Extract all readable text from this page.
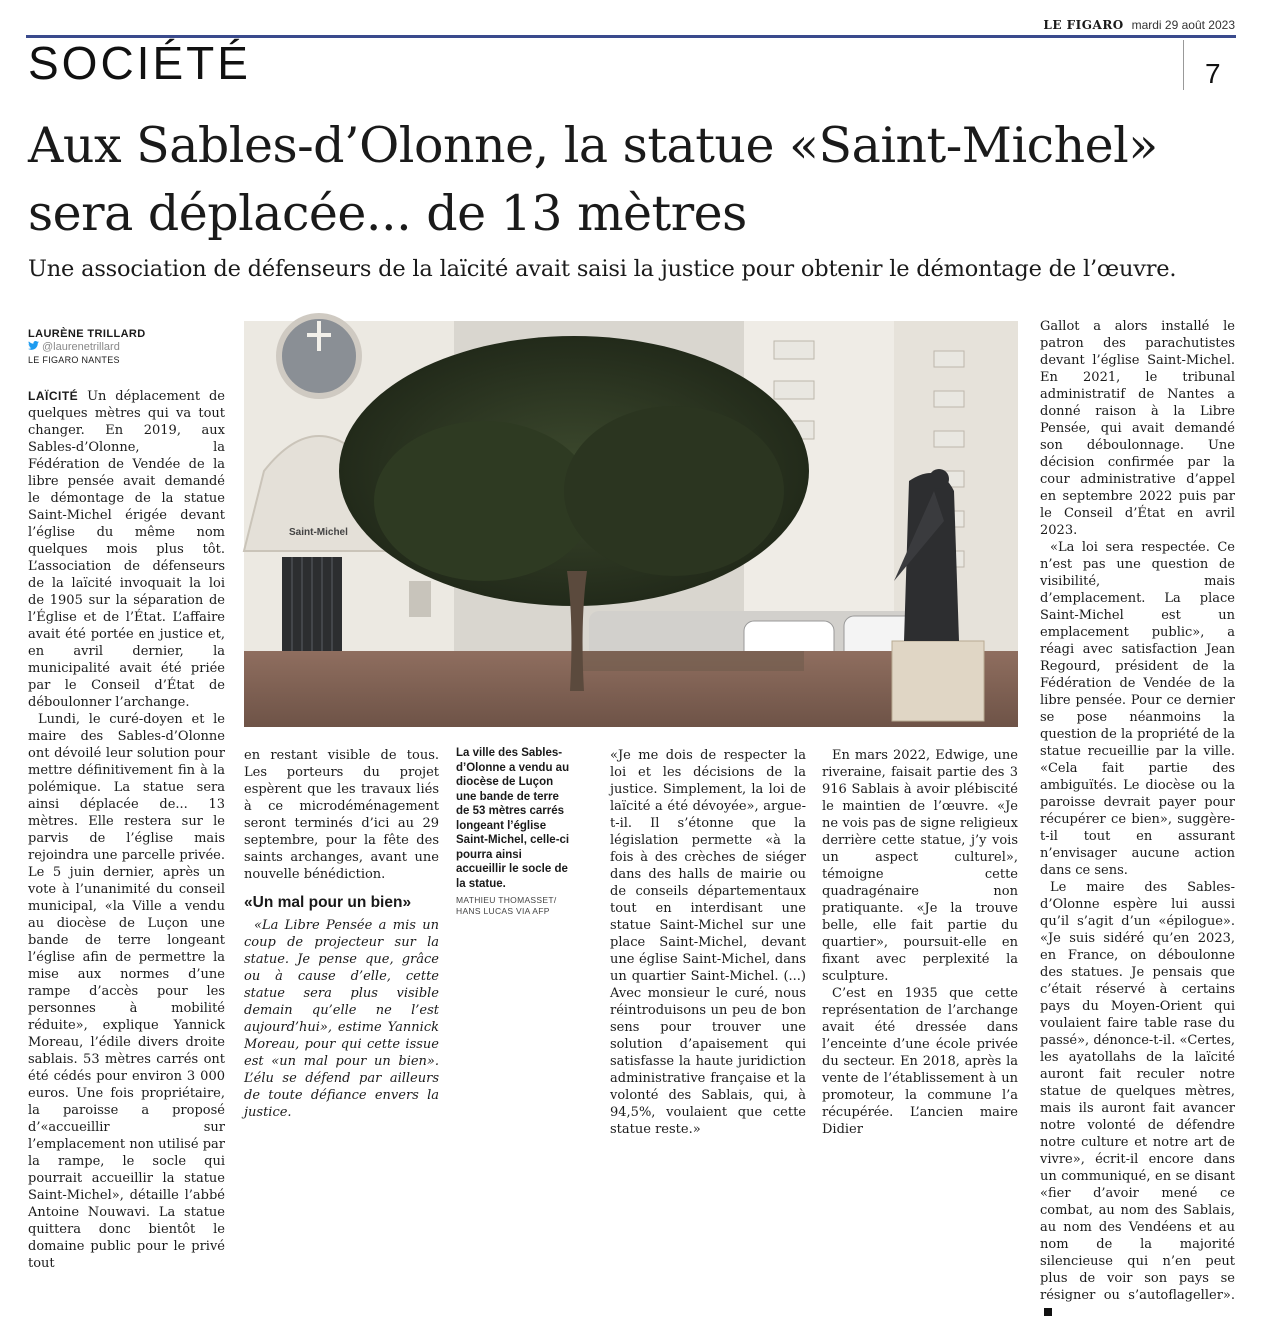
LE FIGARO mardi 29 août 2023
SOCIÉTÉ	7
Aux Sables-d’Olonne, la statue «Saint-Michel» sera déplacée... de 13 mètres
Une association de défenseurs de la laïcité avait saisi la justice pour obtenir le démontage de l’œuvre.
LAURÈNE TRILLARD
@laurenetrillard
LE FIGARO NANTES

LAÏCITÉ Un déplacement de quelques mètres qui va tout changer. En 2019, aux Sables-d’Olonne, la Fédération de Vendée de la libre pensée avait demandé le démontage de la statue Saint-Michel érigée devant l’église du même nom quelques mois plus tôt. L’association de défenseurs de la laïcité invoquait la loi de 1905 sur la séparation de l’Église et de l’État. L’affaire avait été portée en justice et, en avril dernier, la municipalité avait été priée par le Conseil d’État de déboulonner l’archange.

Lundi, le curé-doyen et le maire des Sables-d’Olonne ont dévoilé leur solution pour mettre définitivement fin à la polémique. La statue sera ainsi déplacée de... 13 mètres. Elle restera sur le parvis de l’église mais rejoindra une parcelle privée. Le 5 juin dernier, après un vote à l’unanimité du conseil municipal, «la Ville a vendu au diocèse de Luçon une bande de terre longeant l’église afin de permettre la mise aux normes d’une rampe d’accès pour les personnes à mobilité réduite», explique Yannick Moreau, l’édile divers droite sablais. 53 mètres carrés ont été cédés pour environ 3 000 euros. Une fois propriétaire, la paroisse a proposé d’«accueillir sur l’emplacement non utilisé par la rampe, le socle qui pourrait accueillir la statue Saint-Michel», détaille l’abbé Antoine Nouwavi. La statue quittera donc bientôt le domaine public pour le privé tout

Saint-Michel

en restant visible de tous. Les porteurs du projet espèrent que les travaux liés à ce microdéménagement seront terminés d’ici au 29 septembre, pour la fête des saints archanges, avant une nouvelle bénédiction.

«Un mal pour un bien»

«La Libre Pensée a mis un coup de projecteur sur la statue. Je pense que, grâce ou à cause d’elle, cette statue sera plus visible demain qu’elle ne l’est aujourd’hui», estime Yannick Moreau, pour qui cette issue est «un mal pour un bien». L’élu se défend par ailleurs de toute défiance envers la justice.

La ville des Sables-d’Olonne a vendu au diocèse de Luçon une bande de terre de 53 mètres carrés longeant l’église Saint-Michel, celle-ci pourra ainsi accueillir le socle de la statue.
MATHIEU THOMASSET/ HANS LUCAS VIA AFP

«Je me dois de respecter la loi et les décisions de la justice. Simplement, la loi de laïcité a été dévoyée», argue-t-il. Il s’étonne que la législation permette «à la fois à des crèches de siéger dans des halls de mairie ou de conseils départementaux tout en interdisant une statue Saint-Michel sur une place Saint-Michel, devant une église Saint-Michel, dans un quartier Saint-Michel. (...) Avec monsieur le curé, nous réintroduisons un peu de bon sens pour trouver une solution d’apaisement qui satisfasse la haute juridiction administrative française et la volonté des Sablais, qui, à 94,5%, voulaient que cette statue reste.»

En mars 2022, Edwige, une riveraine, faisait partie des 3 916 Sablais à avoir plébiscité le maintien de l’œuvre. «Je ne vois pas de signe religieux derrière cette statue, j’y vois un aspect culturel», témoigne cette quadragénaire non pratiquante. «Je la trouve belle, elle fait partie du quartier», poursuit-elle en fixant avec perplexité la sculpture.

C’est en 1935 que cette représentation de l’archange avait été dressée dans l’enceinte d’une école privée du secteur. En 2018, après la vente de l’établissement à un promoteur, la commune l’a récupérée. L’ancien maire Didier

Gallot a alors installé le patron des parachutistes devant l’église Saint-Michel. En 2021, le tribunal administratif de Nantes a donné raison à la Libre Pensée, qui avait demandé son déboulonnage. Une décision confirmée par la cour administrative d’appel en septembre 2022 puis par le Conseil d’État en avril 2023.

«La loi sera respectée. Ce n’est pas une question de visibilité, mais d’emplacement. La place Saint-Michel est un emplacement public», a réagi avec satisfaction Jean Regourd, président de la Fédération de Vendée de la libre pensée. Pour ce dernier se pose néanmoins la question de la propriété de la statue recueillie par la ville. «Cela fait partie des ambiguïtés. Le diocèse ou la paroisse devrait payer pour récupérer ce bien», suggère-t-il tout en assurant n’envisager aucune action dans ce sens.

Le maire des Sables-d’Olonne espère lui aussi qu’il s’agit d’un «épilogue». «Je suis sidéré qu’en 2023, en France, on déboulonne des statues. Je pensais que c’était réservé à certains pays du Moyen-Orient qui voulaient faire table rase du passé», dénonce-t-il. «Certes, les ayatollahs de la laïcité auront fait reculer notre statue de quelques mètres, mais ils auront fait avancer notre volonté de défendre notre culture et notre art de vivre», écrit-il encore dans un communiqué, en se disant «fier d’avoir mené ce combat, au nom des Sablais, au nom des Vendéens et au nom de la majorité silencieuse qui n’en peut plus de voir son pays se résigner ou s’autoflageller».
